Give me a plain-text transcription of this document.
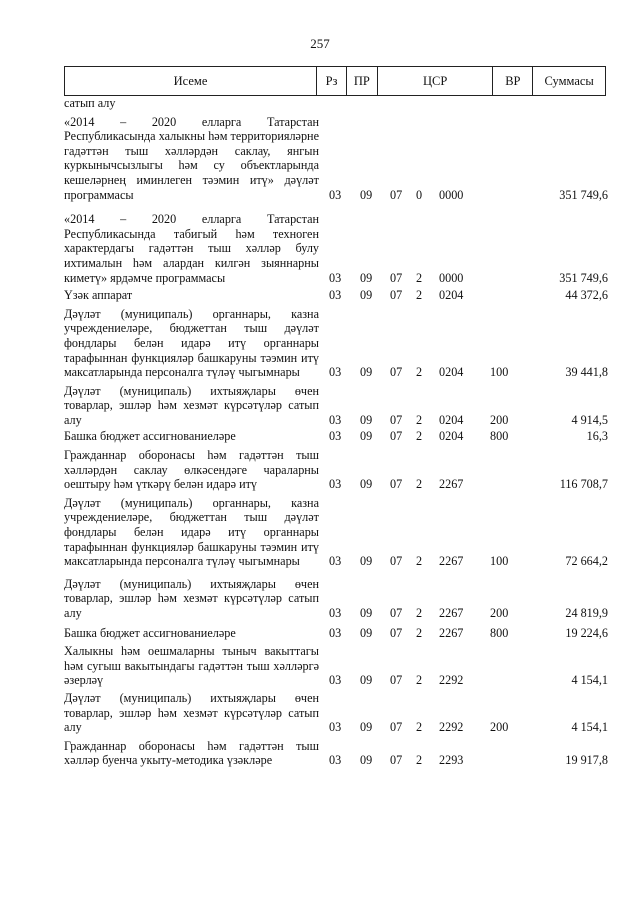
257
Исеме	Рз	ПР	ЦСР	ВР	Суммасы
сатып алу
«2014 – 2020 елларга Татарстан Республикасында халыкны һәм территорияләрне гадәттән тыш хәлләрдән саклау, янгын куркынычсызлыгы һәм су объектларында кешеләрнең иминлеген тәэмин итү» дәүләт программасы	03 09 07 0 0000	351 749,6
«2014 – 2020 елларга Татарстан Республикасында табигый һәм техноген характердагы гадәттән тыш хәлләр булу ихтималын һәм алардан килгән зыяннарны киметү» ярдәмче программасы	03 09 07 2 0000	351 749,6
Үзәк аппарат	03 09 07 2 0204	44 372,6
Дәүләт (муниципаль) органнары, казна учреждениеләре, бюджеттан тыш дәүләт фондлары белән идарә итү органнары тарафыннан функцияләр башкаруны тәэмин итү максатларында персоналга түләү чыгымнары	03 09 07 2 0204 100	39 441,8
Дәүләт (муниципаль) ихтыяҗлары өчен товарлар, эшләр һәм хезмәт күрсәтүләр сатып алу	03 09 07 2 0204 200	4 914,5
Башка бюджет ассигнованиеләре	03 09 07 2 0204 800	16,3
Гражданнар оборонасы һәм гадәттән тыш хәлләрдән саклау өлкәсендәге чараларны оештыру һәм үткәрү белән идарә итү	03 09 07 2 2267	116 708,7
Дәүләт (муниципаль) органнары, казна учреждениеләре, бюджеттан тыш дәүләт фондлары белән идарә итү органнары тарафыннан функцияләр башкаруны тәэмин итү максатларында персоналга түләү чыгымнары	03 09 07 2 2267 100	72 664,2
Дәүләт (муниципаль) ихтыяҗлары өчен товарлар, эшләр һәм хезмәт күрсәтүләр сатып алу	03 09 07 2 2267 200	24 819,9
Башка бюджет ассигнованиеләре	03 09 07 2 2267 800	19 224,6
Халыкны һәм оешмаларны тыныч вакыттагы һәм сугыш вакытындагы гадәттән тыш хәлләргә әзерләү	03 09 07 2 2292	4 154,1
Дәүләт (муниципаль) ихтыяҗлары өчен товарлар, эшләр һәм хезмәт күрсәтүләр сатып алу	03 09 07 2 2292 200	4 154,1
Гражданнар оборонасы һәм гадәттән тыш хәлләр буенча укыту-методика үзәкләре	03 09 07 2 2293	19 917,8
